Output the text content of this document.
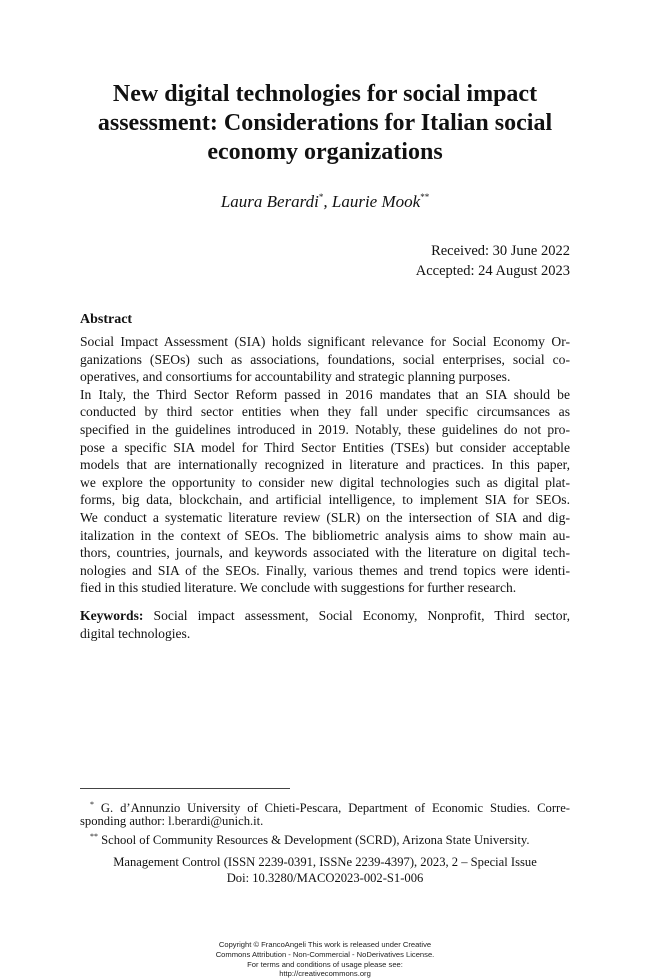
New digital technologies for social impact
assessment: Considerations for Italian social
economy organizations
Laura Berardi*, Laurie Mook**
Received: 30 June 2022
Accepted: 24 August 2023
Abstract
Social Impact Assessment (SIA) holds significant relevance for Social Economy Or-
ganizations (SEOs) such as associations, foundations, social enterprises, social co-
operatives, and consortiums for accountability and strategic planning purposes.
In Italy, the Third Sector Reform passed in 2016 mandates that an SIA should be
conducted by third sector entities when they fall under specific circumsances as
specified in the guidelines introduced in 2019. Notably, these guidelines do not pro-
pose a specific SIA model for Third Sector Entities (TSEs) but consider acceptable
models that are internationally recognized in literature and practices. In this paper,
we explore the opportunity to consider new digital technologies such as digital plat-
forms, big data, blockchain, and artificial intelligence, to implement SIA for SEOs.
We conduct a systematic literature review (SLR) on the intersection of SIA and dig-
italization in the context of SEOs. The bibliometric analysis aims to show main au-
thors, countries, journals, and keywords associated with the literature on digital tech-
nologies and SIA of the SEOs. Finally, various themes and trend topics were identi-
fied in this studied literature. We conclude with suggestions for further research.
Keywords: Social impact assessment, Social Economy, Nonprofit, Third sector,
digital technologies.
* G. d’Annunzio University of Chieti-Pescara, Department of Economic Studies. Corre-
sponding author: l.berardi@unich.it.
** School of Community Resources & Development (SCRD), Arizona State University.
Management Control (ISSN 2239-0391, ISSNe 2239-4397), 2023, 2 – Special Issue
Doi: 10.3280/MACO2023-002-S1-006
Copyright © FrancoAngeli This work is released under Creative
Commons Attribution - Non-Commercial - NoDerivatives License.
For terms and conditions of usage please see:
http://creativecommons.org
